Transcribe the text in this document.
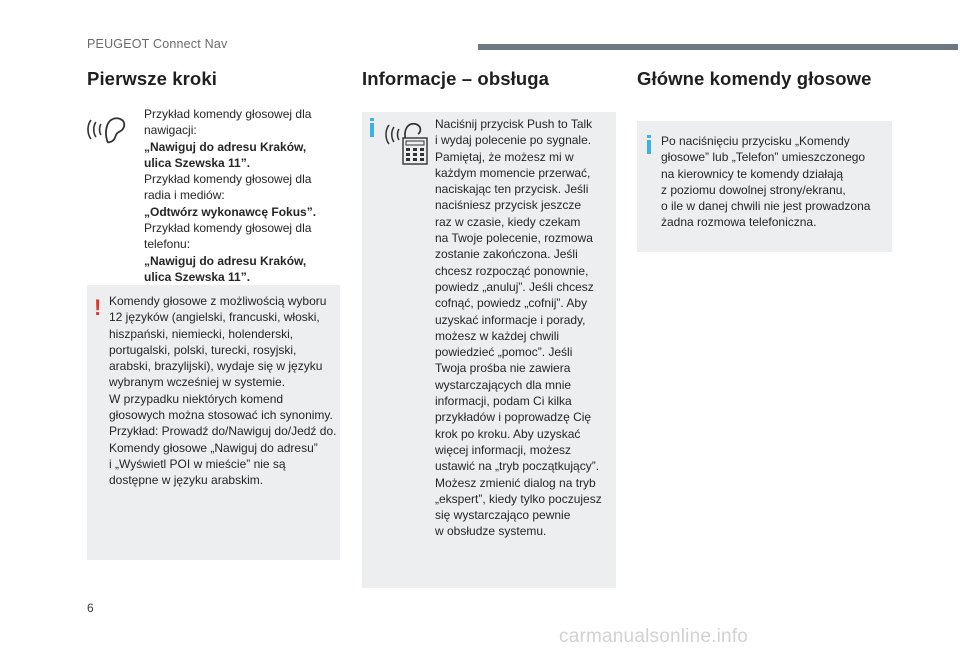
PEUGEOT Connect Nav
Pierwsze kroki
Przykład komendy głosowej dla
nawigacji:
„Nawiguj do adresu Kraków,
ulica Szewska 11”.
Przykład komendy głosowej dla
radia i mediów:
„Odtwórz wykonawcę Fokus”.
Przykład komendy głosowej dla
telefonu:
„Nawiguj do adresu Kraków,
ulica Szewska 11”.
! Komendy głosowe z możliwością wyboru
12 języków (angielski, francuski, włoski,
hiszpański, niemiecki, holenderski,
portugalski, polski, turecki, rosyjski,
arabski, brazylijski), wydaje się w języku
wybranym wcześniej w systemie.
W przypadku niektórych komend
głosowych można stosować ich synonimy.
Przykład: Prowadź do/Nawiguj do/Jedź do.
Komendy głosowe „Nawiguj do adresu”
i „Wyświetl POI w mieście” nie są
dostępne w języku arabskim.
Informacje – obsługa
Naciśnij przycisk Push to Talk
i wydaj polecenie po sygnale.
Pamiętaj, że możesz mi w
każdym momencie przerwać,
naciskając ten przycisk. Jeśli
naciśniesz przycisk jeszcze
raz w czasie, kiedy czekam
na Twoje polecenie, rozmowa
zostanie zakończona. Jeśli
chcesz rozpocząć ponownie,
powiedz „anuluj”. Jeśli chcesz
cofnąć, powiedz „cofnij”. Aby
uzyskać informacje i porady,
możesz w każdej chwili
powiedzieć „pomoc”. Jeśli
Twoja prośba nie zawiera
wystarczających dla mnie
informacji, podam Ci kilka
przykładów i poprowadzę Cię
krok po kroku. Aby uzyskać
więcej informacji, możesz
ustawić na „tryb początkujący”.
Możesz zmienić dialog na tryb
„ekspert”, kiedy tylko poczujesz
się wystarczająco pewnie
w obsłudze systemu.
Główne komendy głosowe
Po naciśnięciu przycisku „Komendy
głosowe” lub „Telefon” umieszczonego
na kierownicy te komendy działają
z poziomu dowolnej strony/ekranu,
o ile w danej chwili nie jest prowadzona
żadna rozmowa telefoniczna.
6
carmanualsonline.info
